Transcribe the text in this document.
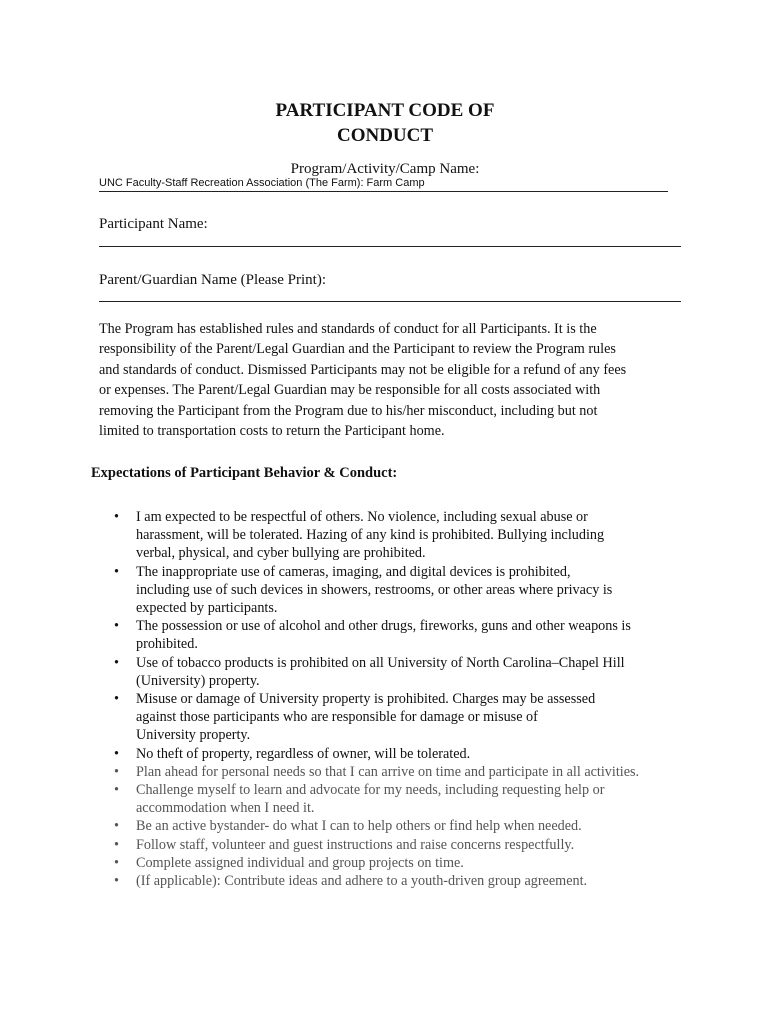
PARTICIPANT CODE OF
CONDUCT
Program/Activity/Camp Name:
UNC Faculty-Staff Recreation Association (The Farm): Farm Camp
Participant Name:
Parent/Guardian Name (Please Print):
The Program has established rules and standards of conduct for all Participants. It is the
responsibility of the Parent/Legal Guardian and the Participant to review the Program rules
and standards of conduct. Dismissed Participants may not be eligible for a refund of any fees
or expenses. The Parent/Legal Guardian may be responsible for all costs associated with
removing the Participant from the Program due to his/her misconduct, including but not
limited to transportation costs to return the Participant home.
Expectations of Participant Behavior & Conduct:
• I am expected to be respectful of others. No violence, including sexual abuse or
harassment, will be tolerated. Hazing of any kind is prohibited. Bullying including
verbal, physical, and cyber bullying are prohibited.
• The inappropriate use of cameras, imaging, and digital devices is prohibited,
including use of such devices in showers, restrooms, or other areas where privacy is
expected by participants.
• The possession or use of alcohol and other drugs, fireworks, guns and other weapons is
prohibited.
• Use of tobacco products is prohibited on all University of North Carolina–Chapel Hill
(University) property.
• Misuse or damage of University property is prohibited. Charges may be assessed
against those participants who are responsible for damage or misuse of
University property.
• No theft of property, regardless of owner, will be tolerated.
• Plan ahead for personal needs so that I can arrive on time and participate in all activities.
• Challenge myself to learn and advocate for my needs, including requesting help or
accommodation when I need it.
• Be an active bystander- do what I can to help others or find help when needed.
• Follow staff, volunteer and guest instructions and raise concerns respectfully.
• Complete assigned individual and group projects on time.
• (If applicable): Contribute ideas and adhere to a youth-driven group agreement.
